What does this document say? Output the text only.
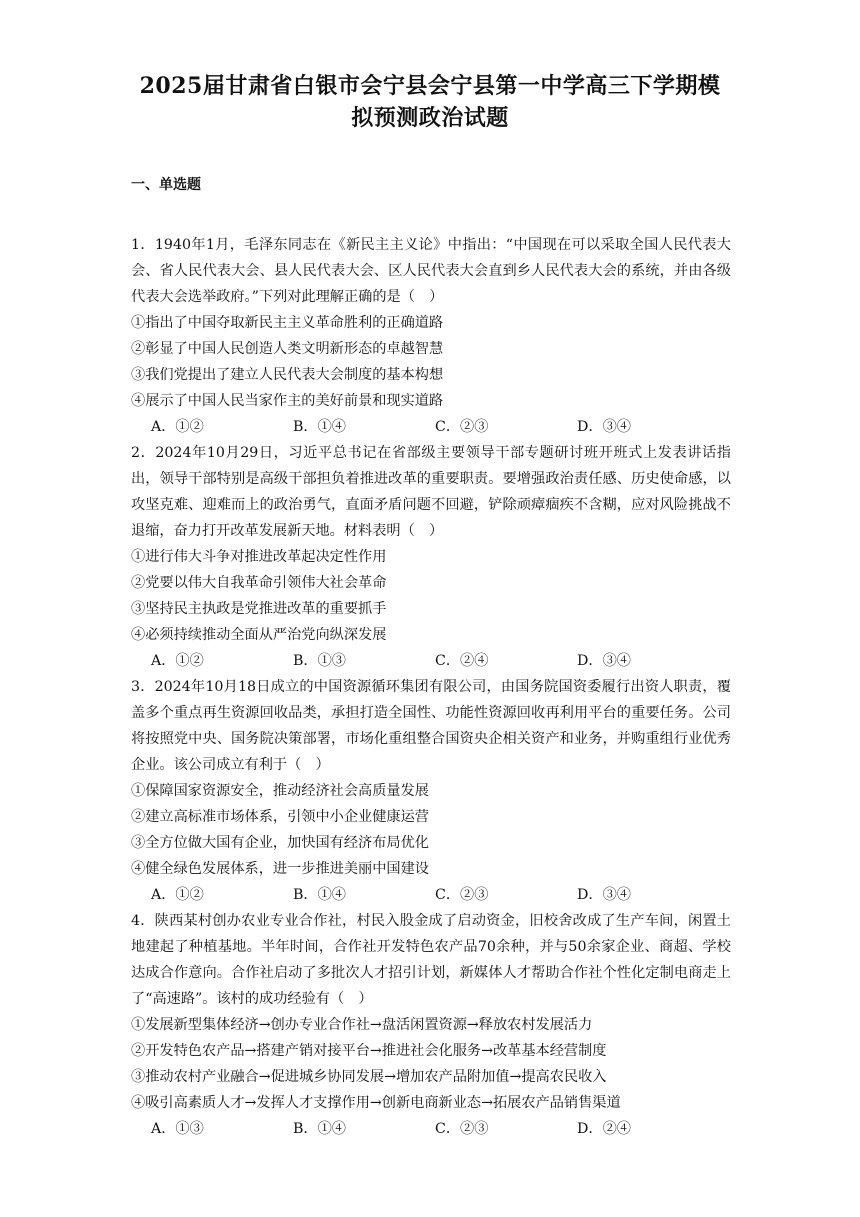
2025届甘肃省白银市会宁县会宁县第一中学高三下学期模
拟预测政治试题
一、单选题

1．1940年1月，毛泽东同志在《新民主主义论》中指出：“中国现在可以采取全国人民代表大会、省人民代表大会、县人民代表大会、区人民代表大会直到乡人民代表大会的系统，并由各级代表大会选举政府。”下列对此理解正确的是（　）

①指出了中国夺取新民主主义革命胜利的正确道路

②彰显了中国人民创造人类文明新形态的卓越智慧

③我们党提出了建立人民代表大会制度的基本构想

④展示了中国人民当家作主的美好前景和现实道路

A．①②	B．①④	C．②③	D．③④

2．2024年10月29日，习近平总书记在省部级主要领导干部专题研讨班开班式上发表讲话指出，领导干部特别是高级干部担负着推进改革的重要职责。要增强政治责任感、历史使命感，以攻坚克难、迎难而上的政治勇气，直面矛盾问题不回避，铲除顽瘴痼疾不含糊，应对风险挑战不退缩，奋力打开改革发展新天地。材料表明（　）

①进行伟大斗争对推进改革起决定性作用

②党要以伟大自我革命引领伟大社会革命

③坚持民主执政是党推进改革的重要抓手

④必须持续推动全面从严治党向纵深发展

A．①②	B．①③	C．②④	D．③④

3．2024年10月18日成立的中国资源循环集团有限公司，由国务院国资委履行出资人职责，覆盖多个重点再生资源回收品类，承担打造全国性、功能性资源回收再利用平台的重要任务。公司将按照党中央、国务院决策部署，市场化重组整合国资央企相关资产和业务，并购重组行业优秀企业。该公司成立有利于（　）

①保障国家资源安全，推动经济社会高质量发展

②建立高标准市场体系，引领中小企业健康运营

③全方位做大国有企业，加快国有经济布局优化

④健全绿色发展体系，进一步推进美丽中国建设

A．①②	B．①④	C．②③	D．③④

4．陕西某村创办农业专业合作社，村民入股金成了启动资金，旧校舍改成了生产车间，闲置土地建起了种植基地。半年时间，合作社开发特色农产品70余种，并与50余家企业、商超、学校达成合作意向。合作社启动了多批次人才招引计划，新媒体人才帮助合作社个性化定制电商走上了“高速路”。该村的成功经验有（　）

①发展新型集体经济→创办专业合作社→盘活闲置资源→释放农村发展活力

②开发特色农产品→搭建产销对接平台→推进社会化服务→改革基本经营制度

③推动农村产业融合→促进城乡协同发展→增加农产品附加值→提高农民收入

④吸引高素质人才→发挥人才支撑作用→创新电商新业态→拓展农产品销售渠道

A．①③	B．①④	C．②③	D．②④
